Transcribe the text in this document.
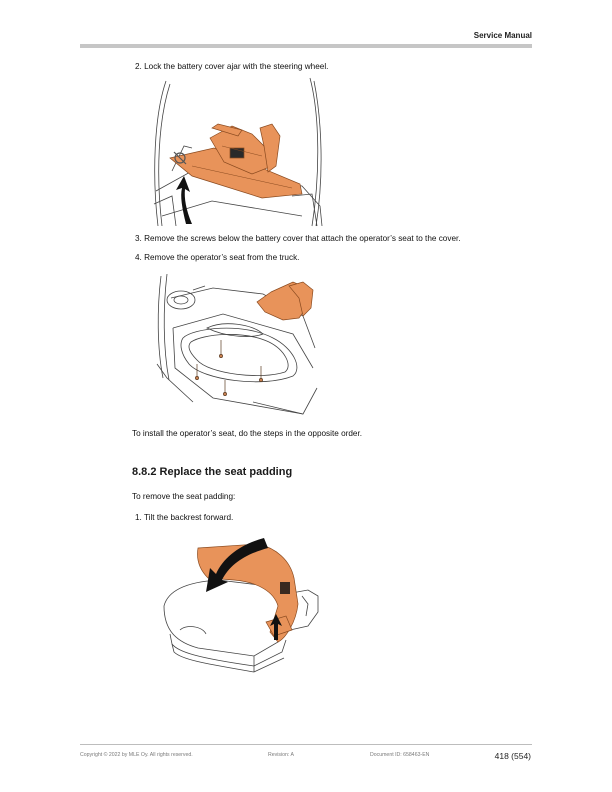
Service Manual
2. Lock the battery cover ajar with the steering wheel.
3. Remove the screws below the battery cover that attach the operator’s seat to the cover.
4. Remove the operator’s seat from the truck.
To install the operator’s seat, do the steps in the opposite order.
8.8.2 Replace the seat padding
To remove the seat padding:
1. Tilt the backrest forward.
Copyright © 2022 by MLE Oy. All rights reserved.	Revision: A	Document ID: 658463-EN	418 (554)
